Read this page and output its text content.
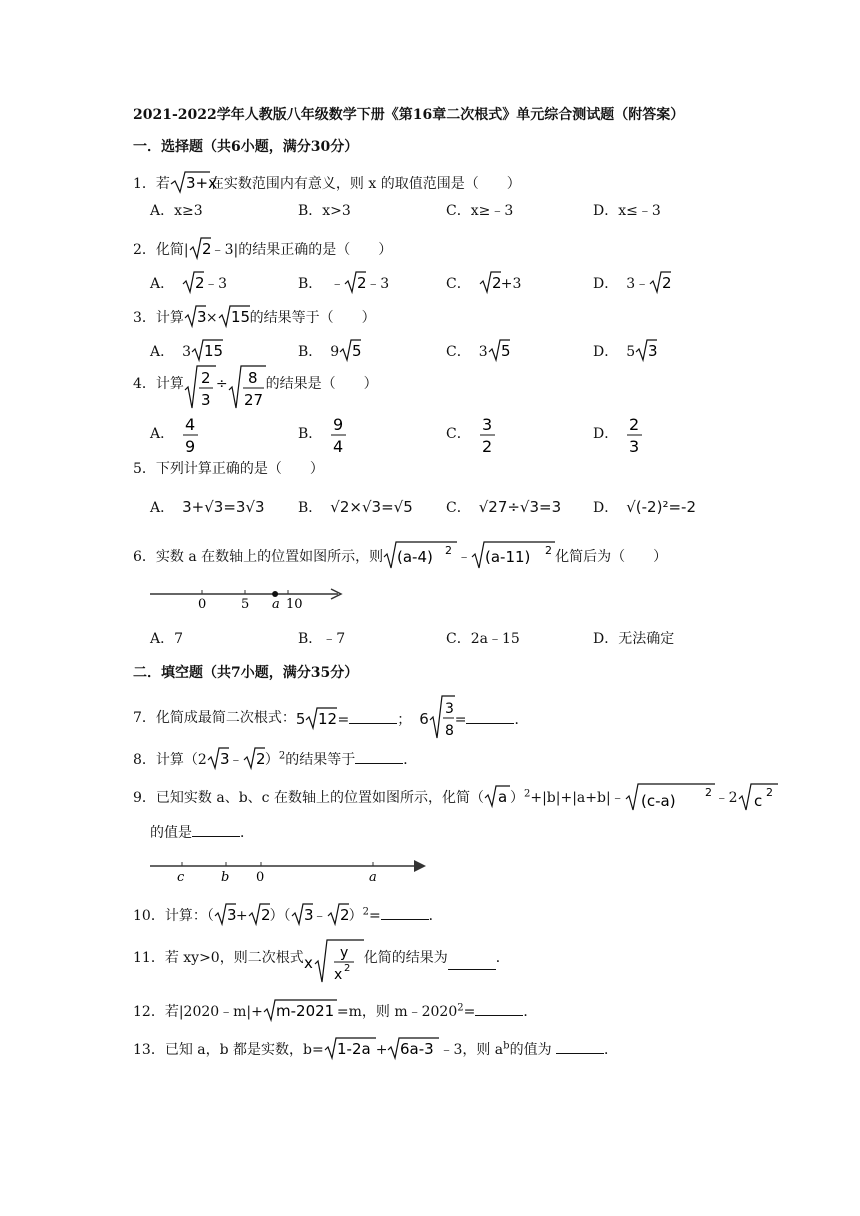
2021-2022学年人教版八年级数学下册《第16章二次根式》单元综合测试题（附答案）
一．选择题（共6小题，满分30分）
1．若 3+x
在实数范围内有意义，则 x 的取值范围是（　　）
A．x≥3	B．x>3	C．x≥﹣3	D．x≤﹣3
2．化简| 2 ﹣3|的结果正确的是（　　）
A． 2 ﹣3	B． ﹣ 2 ﹣3	C． 2 +3	D． 3﹣ 2
3．计算 3 × 15 的结果等于（　　）
A． 3 15	B． 9 5	C． 3 5	D． 5 3
4．计算 2
3
÷ 8
27
的结果是（　　）
A． 4
9
B． 9
4
C． 3
2
D． 2
3
5．下列计算正确的是（　　）
A． 3+√3=3√3 B． √2×√3=√5 C． √27÷√3=3 D． √(-2)²=-2
6．实数 a 在数轴上的位置如图所示，则 (a-4) 2 ﹣ (a-11) 2 化简后为（　　）
0	5 a 10
A．7	B．﹣7	C．2a﹣15	D．无法确定
二．填空题（共7小题，满分35分）
7．化简成最简二次根式：5 12 =	； 6
3
8
=	．
8．计算（2 3 ﹣ 2 ）$^2$的结果等于	．
9．已知实数 a、b、c 在数轴上的位置如图所示，化简（ a ）$^2$+|b|+|a+b|﹣ (c-a)	2 ﹣2 c 2
的值是	．
c	b 0	a
10．计算：（ 3 + 2 ）（ 3 ﹣ 2 ）$^2$=	．
11．若 xy>0，则二次根式 x
y
x 2
化简的结果为	．
12．若|2020﹣m|+ m-2021 =m，则 $m﹣2020^2=$	．
13．已知 a，b 都是实数，b= 1-2a + 6a-3 ﹣3，则 $a^b$的值为	．
